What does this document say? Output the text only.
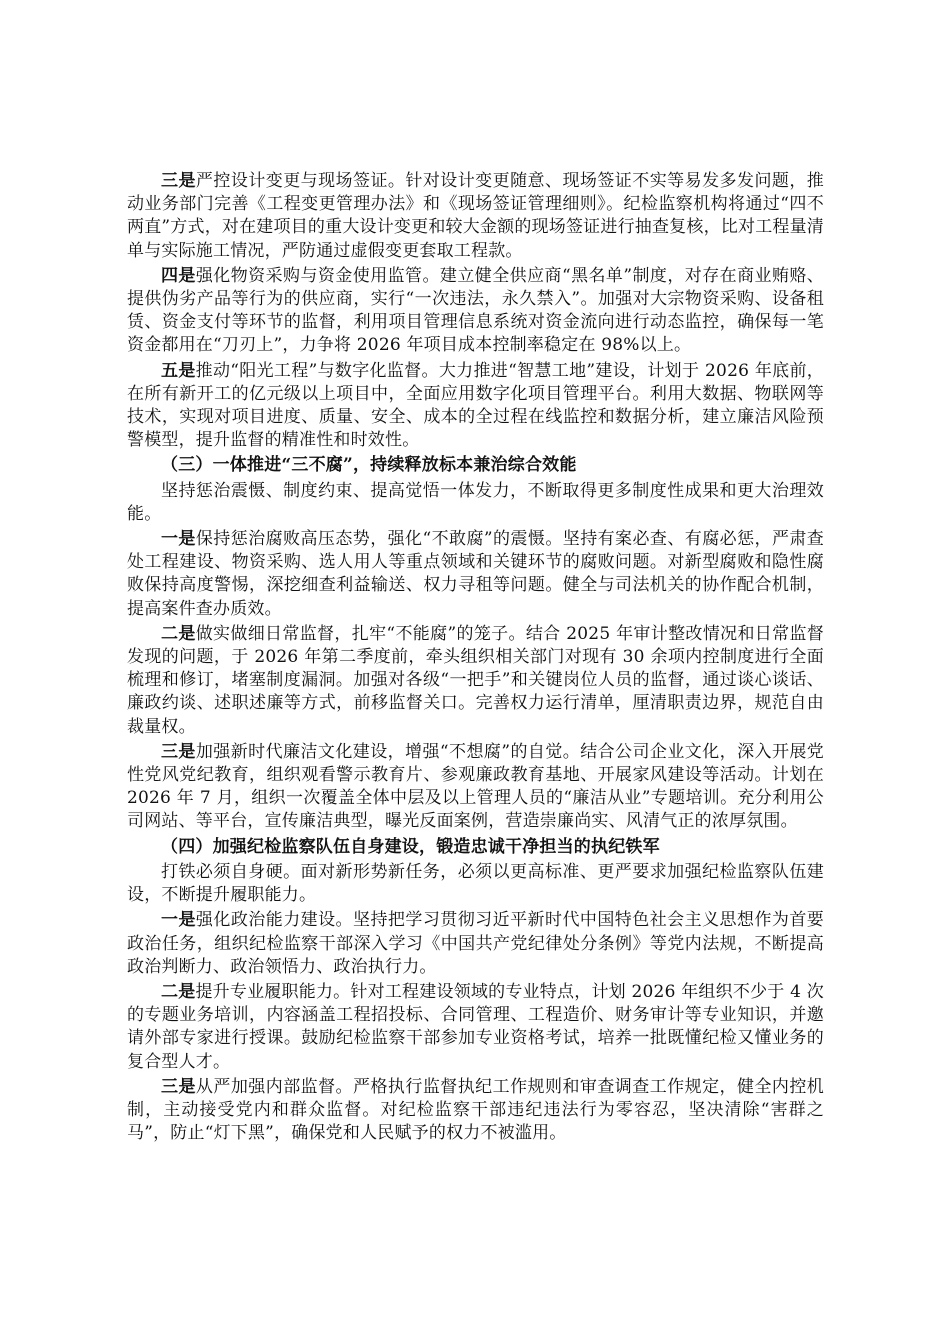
三是严控设计变更与现场签证。针对设计变更随意、现场签证不实等易发多发问题，推动业务部门完善《工程变更管理办法》和《现场签证管理细则》。纪检监察机构将通过“四不两直”方式，对在建项目的重大设计变更和较大金额的现场签证进行抽查复核，比对工程量清单与实际施工情况，严防通过虚假变更套取工程款。

四是强化物资采购与资金使用监管。建立健全供应商“黑名单”制度，对存在商业贿赂、提供伪劣产品等行为的供应商，实行“一次违法，永久禁入”。加强对大宗物资采购、设备租赁、资金支付等环节的监督，利用项目管理信息系统对资金流向进行动态监控，确保每一笔资金都用在“刀刃上”，力争将 2026 年项目成本控制率稳定在 98%以上。

五是推动“阳光工程”与数字化监督。大力推进“智慧工地”建设，计划于 2026 年底前，在所有新开工的亿元级以上项目中，全面应用数字化项目管理平台。利用大数据、物联网等技术，实现对项目进度、质量、安全、成本的全过程在线监控和数据分析，建立廉洁风险预警模型，提升监督的精准性和时效性。

（三）一体推进“三不腐”，持续释放标本兼治综合效能

坚持惩治震慑、制度约束、提高觉悟一体发力，不断取得更多制度性成果和更大治理效能。

一是保持惩治腐败高压态势，强化“不敢腐”的震慑。坚持有案必查、有腐必惩，严肃查处工程建设、物资采购、选人用人等重点领域和关键环节的腐败问题。对新型腐败和隐性腐败保持高度警惕，深挖细查利益输送、权力寻租等问题。健全与司法机关的协作配合机制，提高案件查办质效。

二是做实做细日常监督，扎牢“不能腐”的笼子。结合 2025 年审计整改情况和日常监督发现的问题，于 2026 年第二季度前，牵头组织相关部门对现有 30 余项内控制度进行全面梳理和修订，堵塞制度漏洞。加强对各级“一把手”和关键岗位人员的监督，通过谈心谈话、廉政约谈、述职述廉等方式，前移监督关口。完善权力运行清单，厘清职责边界，规范自由裁量权。

三是加强新时代廉洁文化建设，增强“不想腐”的自觉。结合公司企业文化，深入开展党性党风党纪教育，组织观看警示教育片、参观廉政教育基地、开展家风建设等活动。计划在 2026 年 7 月，组织一次覆盖全体中层及以上管理人员的“廉洁从业”专题培训。充分利用公司网站、等平台，宣传廉洁典型，曝光反面案例，营造崇廉尚实、风清气正的浓厚氛围。

（四）加强纪检监察队伍自身建设，锻造忠诚干净担当的执纪铁军

打铁必须自身硬。面对新形势新任务，必须以更高标准、更严要求加强纪检监察队伍建设，不断提升履职能力。

一是强化政治能力建设。坚持把学习贯彻习近平新时代中国特色社会主义思想作为首要政治任务，组织纪检监察干部深入学习《中国共产党纪律处分条例》等党内法规，不断提高政治判断力、政治领悟力、政治执行力。

二是提升专业履职能力。针对工程建设领域的专业特点，计划 2026 年组织不少于 4 次的专题业务培训，内容涵盖工程招投标、合同管理、工程造价、财务审计等专业知识，并邀请外部专家进行授课。鼓励纪检监察干部参加专业资格考试，培养一批既懂纪检又懂业务的复合型人才。

三是从严加强内部监督。严格执行监督执纪工作规则和审查调查工作规定，健全内控机制，主动接受党内和群众监督。对纪检监察干部违纪违法行为零容忍，坚决清除“害群之马”，防止“灯下黑”，确保党和人民赋予的权力不被滥用。
